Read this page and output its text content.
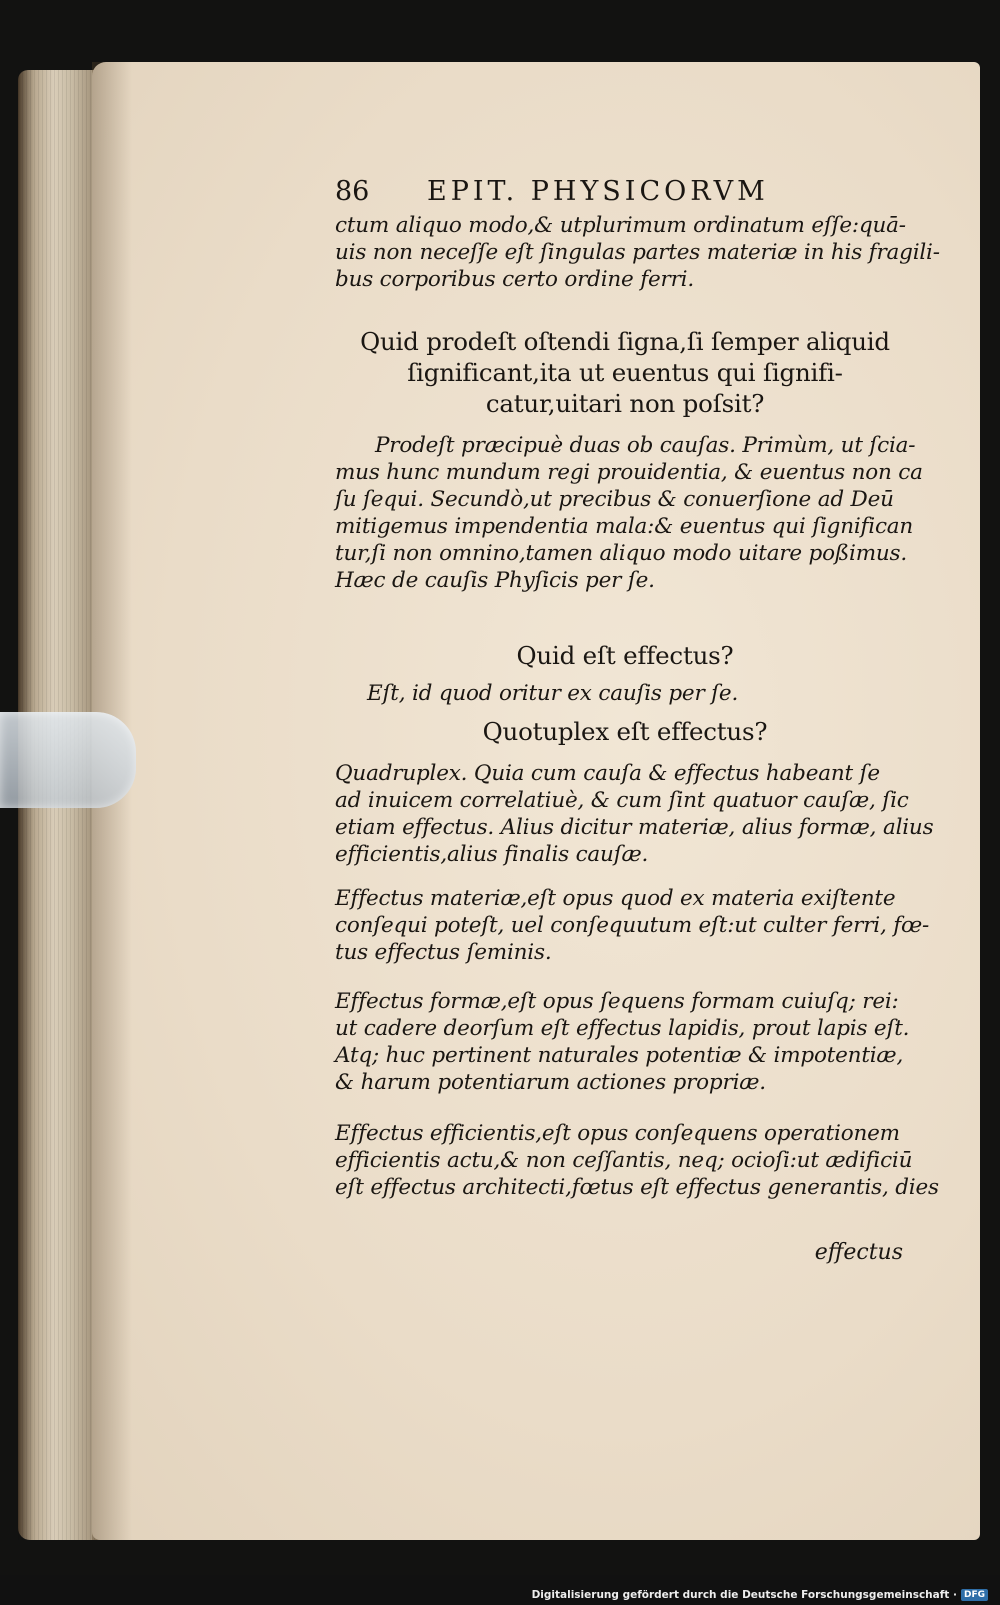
86 EPIT. PHYSICORVM
ctum aliquo modo,& utplurimum ordinatum eſſe:quā-
uis non neceſſe eſt ſingulas partes materiæ in his fragili-
bus corporibus certo ordine ferri.
Quid prodeſt oſtendi ſigna,ſi ſemper aliquid
ſignificant,ita ut euentus qui ſignifi-
catur,uitari non poſsit?
Prodeſt præcipuè duas ob cauſas. Primùm, ut ſcia-
mus hunc mundum regi prouidentia, & euentus non ca
ſu ſequi. Secundò,ut precibus & conuerſione ad Deū
mitigemus impendentia mala:& euentus qui ſignifican
tur,ſi non omnino,tamen aliquo modo uitare poßimus.
Hæc de cauſis Phyſicis per ſe.
Quid eſt effectus?
Eſt, id quod oritur ex cauſis per ſe.
Quotuplex eſt effectus?
Quadruplex. Quia cum cauſa & effectus habeant ſe
ad inuicem correlatiuè, & cum ſint quatuor cauſæ, ſic
etiam effectus. Alius dicitur materiæ, alius formæ, alius
efficientis,alius finalis cauſæ.
Effectus materiæ,eſt opus quod ex materia exiſtente
conſequi poteſt, uel conſequutum eſt:ut culter ferri, fœ-
tus effectus ſeminis.
Effectus formæ,eſt opus ſequens formam cuiuſq; rei:
ut cadere deorſum eſt effectus lapidis, prout lapis eſt.
Atq; huc pertinent naturales potentiæ & impotentiæ,
& harum potentiarum actiones propriæ.
Effectus efficientis,eſt opus conſequens operationem
efficientis actu,& non ceſſantis, neq; ocioſi:ut ædificiū
eſt effectus architecti,fœtus eſt effectus generantis, dies
effectus
Digitalisierung gefördert durch die Deutsche Forschungsgemeinschaft · DFG
